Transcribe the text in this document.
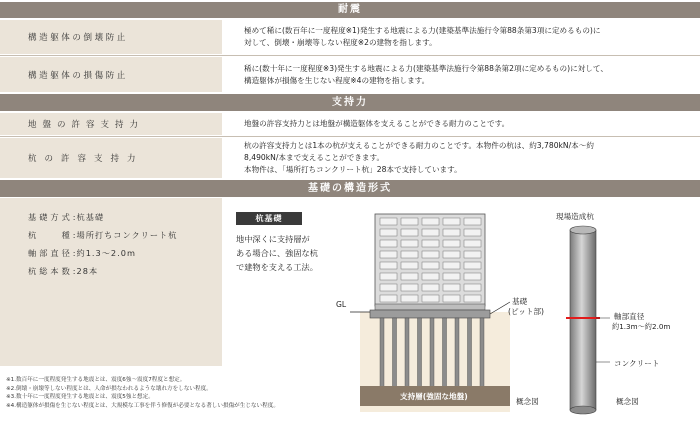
耐震
構造躯体の倒壊防止
極めて稀に(数百年に一度程度※1)発生する地震による力(建築基準法施行令第88条第3項に定めるもの)に
対して、倒壊・崩壊等しない程度※2の建物を指します。
構造躯体の損傷防止
稀に(数十年に一度程度※3)発生する地震による力(建築基準法施行令第88条第2項に定めるもの)に対して、
構造躯体が損傷を生じない程度※4の建物を指します。
支持力
地盤の許容支持力	地盤の許容支持力とは地盤が構造躯体を支えることができる耐力のことです。
杭の許容支持力
杭の許容支持力とは1本の杭が支えることができる耐力のことです。本物件の杭は、約3,780kN/本～約
8,490kN/本まで支えることができます。
本物件は、「場所打ちコンクリート杭」28本で支持しています。
基礎の構造形式
基礎方式:杭基礎
杭　　種:場所打ちコンクリート杭
軸部直径:約1.3～2.0m
杭総本数:28本
杭基礎
地中深くに支持層が
ある場合に、強固な杭
で建物を支える工法。
GL	基礎
(ピット部)
支持層(強固な地盤)
概念図
現場造成杭
軸部直径
約1.3m～約2.0m
コンクリート
概念図
※1.数百年に一度程度発生する地震とは、震度6強～震度7程度と想定。
※2.倒壊・崩壊等しない程度とは、人命が損なわれるような壊れ方をしない程度。
※3.数十年に一度程度発生する地震とは、震度5強と想定。
※4.構造躯体が損傷を生じない程度とは、大規模な工事を伴う修復が必要となる著しい損傷が生じない程度。
